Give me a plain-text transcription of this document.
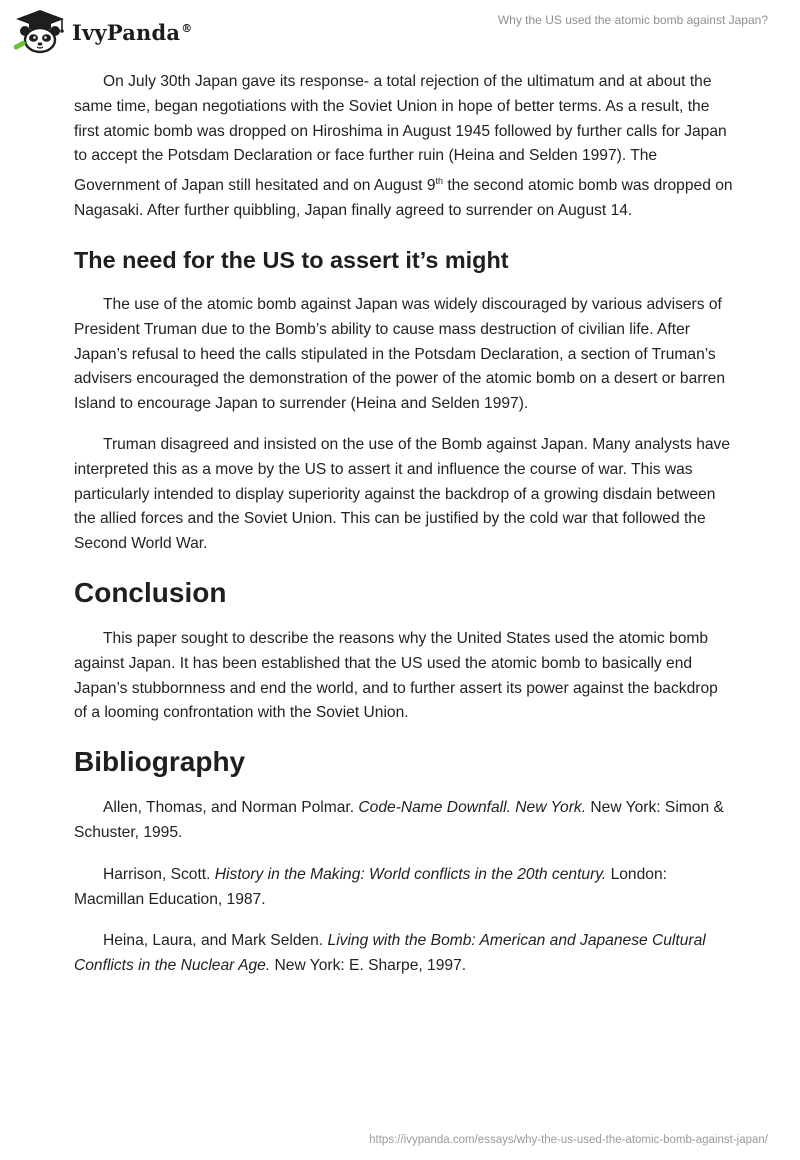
IvyPanda®
Why the US used the atomic bomb against Japan?

On July 30th Japan gave its response- a total rejection of the ultimatum and at about the same time, began negotiations with the Soviet Union in hope of better terms. As a result, the first atomic bomb was dropped on Hiroshima in August 1945 followed by further calls for Japan to accept the Potsdam Declaration or face further ruin (Heina and Selden 1997). The Government of Japan still hesitated and on August 9th the second atomic bomb was dropped on Nagasaki. After further quibbling, Japan finally agreed to surrender on August 14.

The need for the US to assert it’s might

The use of the atomic bomb against Japan was widely discouraged by various advisers of President Truman due to the Bomb’s ability to cause mass destruction of civilian life. After Japan’s refusal to heed the calls stipulated in the Potsdam Declaration, a section of Truman’s advisers encouraged the demonstration of the power of the atomic bomb on a desert or barren Island to encourage Japan to surrender (Heina and Selden 1997).

Truman disagreed and insisted on the use of the Bomb against Japan. Many analysts have interpreted this as a move by the US to assert it and influence the course of war. This was particularly intended to display superiority against the backdrop of a growing disdain between the allied forces and the Soviet Union. This can be justified by the cold war that followed the Second World War.

Conclusion

This paper sought to describe the reasons why the United States used the atomic bomb against Japan. It has been established that the US used the atomic bomb to basically end Japan’s stubbornness and end the world, and to further assert its power against the backdrop of a looming confrontation with the Soviet Union.

Bibliography

Allen, Thomas, and Norman Polmar. Code-Name Downfall. New York. New York: Simon & Schuster, 1995.

Harrison, Scott. History in the Making: World conflicts in the 20th century. London: Macmillan Education, 1987.

Heina, Laura, and Mark Selden. Living with the Bomb: American and Japanese Cultural Conflicts in the Nuclear Age. New York: E. Sharpe, 1997.

https://ivypanda.com/essays/why-the-us-used-the-atomic-bomb-against-japan/
